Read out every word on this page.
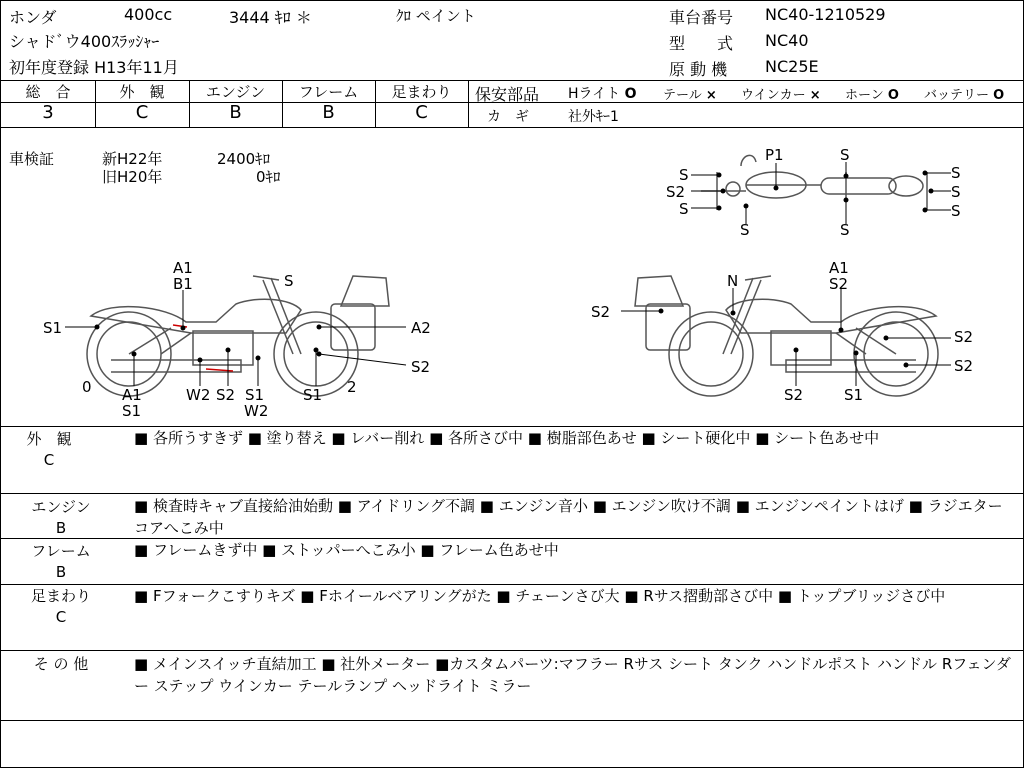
ホンダ	400cc	3444 ｷﾛ ＊	ｸﾛ ペイント
シャドﾞウ400ｽﾗｯｼｬｰ
初年度登録 H13年11月
車台番号 NC40-1210529
型　　式 NC40
原 動 機 NC25E
総　合	外　観	エンジン	フレーム	足まわり
3	C	B	B	C
保安部品 Hライト O テール × ウインカー × ホーン O バッテリー O
カ　ギ	社外ｷｰ1
車検証	新H22年	2400ｷﾛ
旧H20年	0ｷﾛ
P1	S
S
S2
S
S	S
S
S
S
A1
B1	S
S1	A2
S2
0	2
A1
S1
W2 S2 S1
W2
S1
A1
N	S2
S2
S2
S2
S2	S1
外　観
C
■ 各所うすきず ■ 塗り替え ■ レバー削れ ■ 各所さび中 ■ 樹脂部色あせ ■ シート硬化中 ■ シート色あせ中
エンジン
B
■ 検査時キャブ直接給油始動 ■ アイドリング不調 ■ エンジン音小 ■ エンジン吹け不調 ■ エンジンペイントはげ ■ ラジエターコアへこみ中
フレーム
B
■ フレームきず中 ■ ストッパーへこみ小 ■ フレーム色あせ中
足まわり
C
■ Fフォークこすりキズ ■ Fホイールベアリングがた ■ チェーンさび大 ■ Rサス摺動部さび中 ■ トップブリッジさび中
そ の 他	■ メインスイッチ直結加工 ■ 社外メーター ■カスタムパーツ:マフラー Rサス シート タンク ハンドルポスト ハンドル Rフェンダー ステップ ウインカー テールランプ ヘッドライト ミラー
